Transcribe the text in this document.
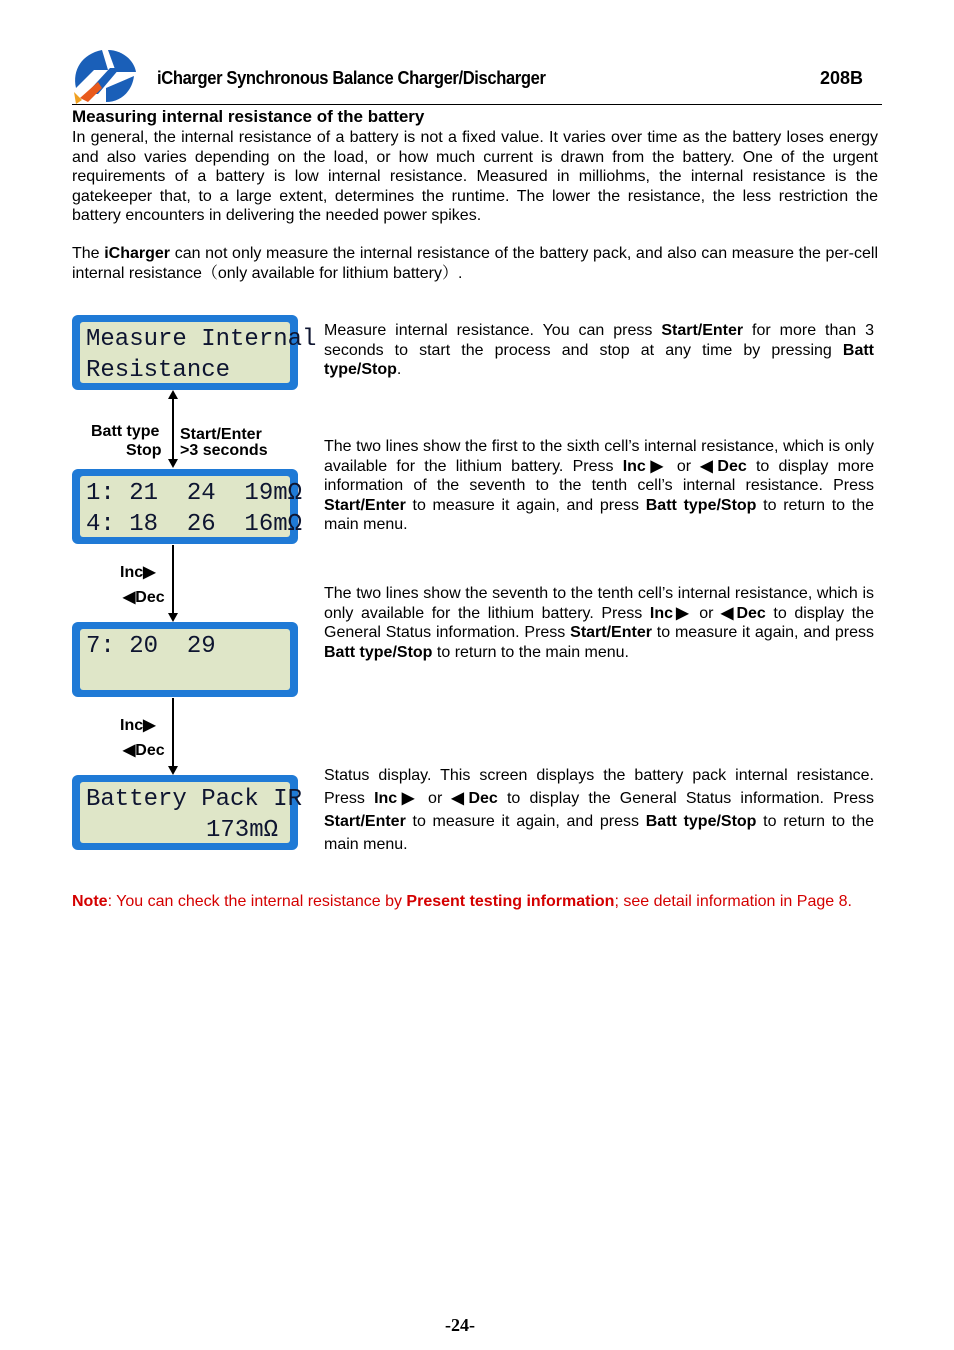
iCharger Synchronous Balance Charger/Discharger	208B
Measuring internal resistance of the battery
In general, the internal resistance of a battery is not a fixed value. It varies over time as the battery loses energy and also varies depending on the load, or how much current is drawn from the battery. One of the urgent requirements of a battery is low internal resistance. Measured in milliohms, the internal resistance is the gatekeeper that, to a large extent, determines the runtime. The lower the resistance, the less restriction the battery encounters in delivering the needed power spikes.
The iCharger can not only measure the internal resistance of the battery pack, and also can measure the per-cell internal resistance（only available for lithium battery）.
Measure Internal
Resistance
Batt type
Stop
Start/Enter
>3 seconds
1: 21  24  19mΩ
4: 18  26  16mΩ
Inc▶
◀Dec
7: 20  29
Inc▶
◀Dec
Battery Pack IR
173mΩ
Measure internal resistance. You can press Start/Enter for more than 3 seconds to start the process and stop at any time by pressing Batt type/Stop.
The two lines show the first to the sixth cell’s internal resistance, which is only available for the lithium battery. Press Inc▶ or ◀Dec to display more information of the seventh to the tenth cell’s internal resistance. Press Start/Enter to measure it again, and press Batt type/Stop to return to the main menu.
The two lines show the seventh to the tenth cell’s internal resistance, which is only available for the lithium battery. Press Inc▶ or ◀Dec to display the General Status information. Press Start/Enter to measure it again, and press Batt type/Stop to return to the main menu.
Status display. This screen displays the battery pack internal resistance. Press Inc▶ or ◀Dec to display the General Status information. Press Start/Enter to measure it again, and press Batt type/Stop to return to the main menu.
Note: You can check the internal resistance by Present testing information; see detail information in Page 8.
-24-
